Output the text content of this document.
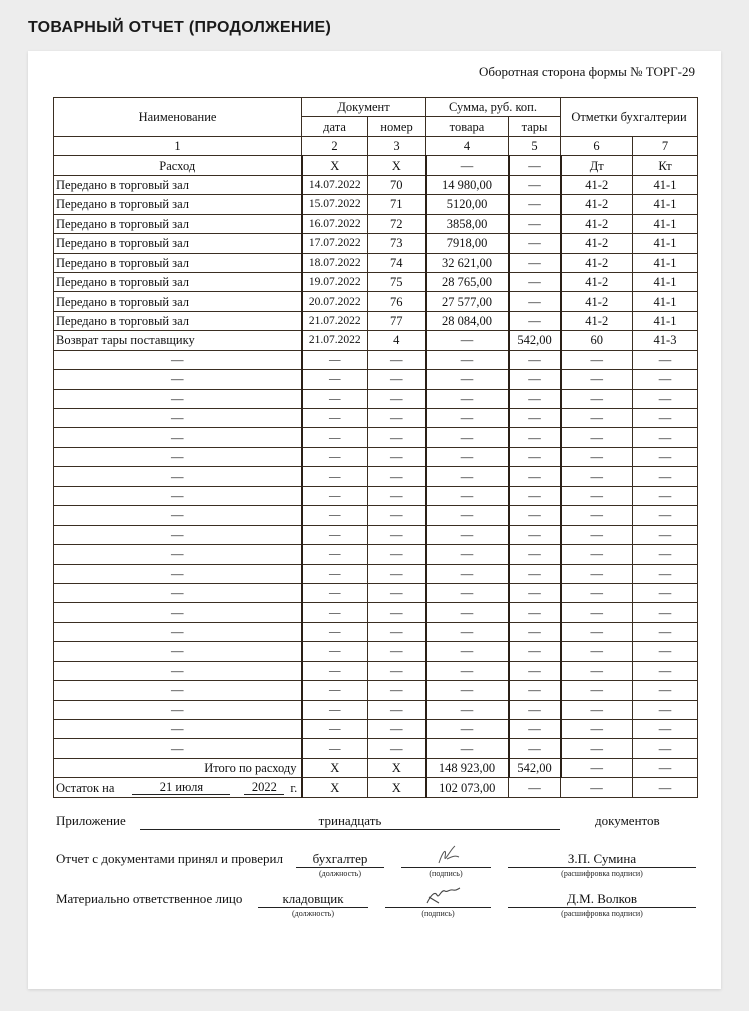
ТОВАРНЫЙ ОТЧЕТ (ПРОДОЛЖЕНИЕ)
Оборотная сторона формы № ТОРГ-29
Наименование	Документ		Сумма, руб. коп.		Отметки бухгалтерии	
	дата	номер	товара	тары		
1	2	3	4	5	6	7
Расход	Х	Х	—	—	Дт	Кт
Передано в торговый зал	14.07.2022	70	14 980,00	—	41-2	41-1
Передано в торговый зал	15.07.2022	71	5120,00	—	41-2	41-1
Передано в торговый зал	16.07.2022	72	3858,00	—	41-2	41-1
Передано в торговый зал	17.07.2022	73	7918,00	—	41-2	41-1
Передано в торговый зал	18.07.2022	74	32 621,00	—	41-2	41-1
Передано в торговый зал	19.07.2022	75	28 765,00	—	41-2	41-1
Передано в торговый зал	20.07.2022	76	27 577,00	—	41-2	41-1
Передано в торговый зал	21.07.2022	77	28 084,00	—	41-2	41-1
Возврат тары поставщику	21.07.2022	4	—	542,00	60	41-3
—	—	—	—	—	—	—
—	—	—	—	—	—	—
—	—	—	—	—	—	—
—	—	—	—	—	—	—
—	—	—	—	—	—	—
—	—	—	—	—	—	—
—	—	—	—	—	—	—
—	—	—	—	—	—	—
—	—	—	—	—	—	—
—	—	—	—	—	—	—
—	—	—	—	—	—	—
—	—	—	—	—	—	—
—	—	—	—	—	—	—
—	—	—	—	—	—	—
—	—	—	—	—	—	—
—	—	—	—	—	—	—
—	—	—	—	—	—	—
—	—	—	—	—	—	—
—	—	—	—	—	—	—
—	—	—	—	—	—	—
—	—	—	—	—	—	—
Итого по расходу	Х	Х	148 923,00	542,00	—	—

Остаток на 21 июля 2022 г.	Х	Х	102 073,00	—	—	—
Приложение	тринадцать	документов
Отчет с документами принял и проверил	бухгалтер
(должность)	(подпись)
З.П. Сумина
(расшифровка подписи)
Материально ответственное лицо	кладовщик
(должность)	(подпись)
Д.М. Волков
(расшифровка подписи)
